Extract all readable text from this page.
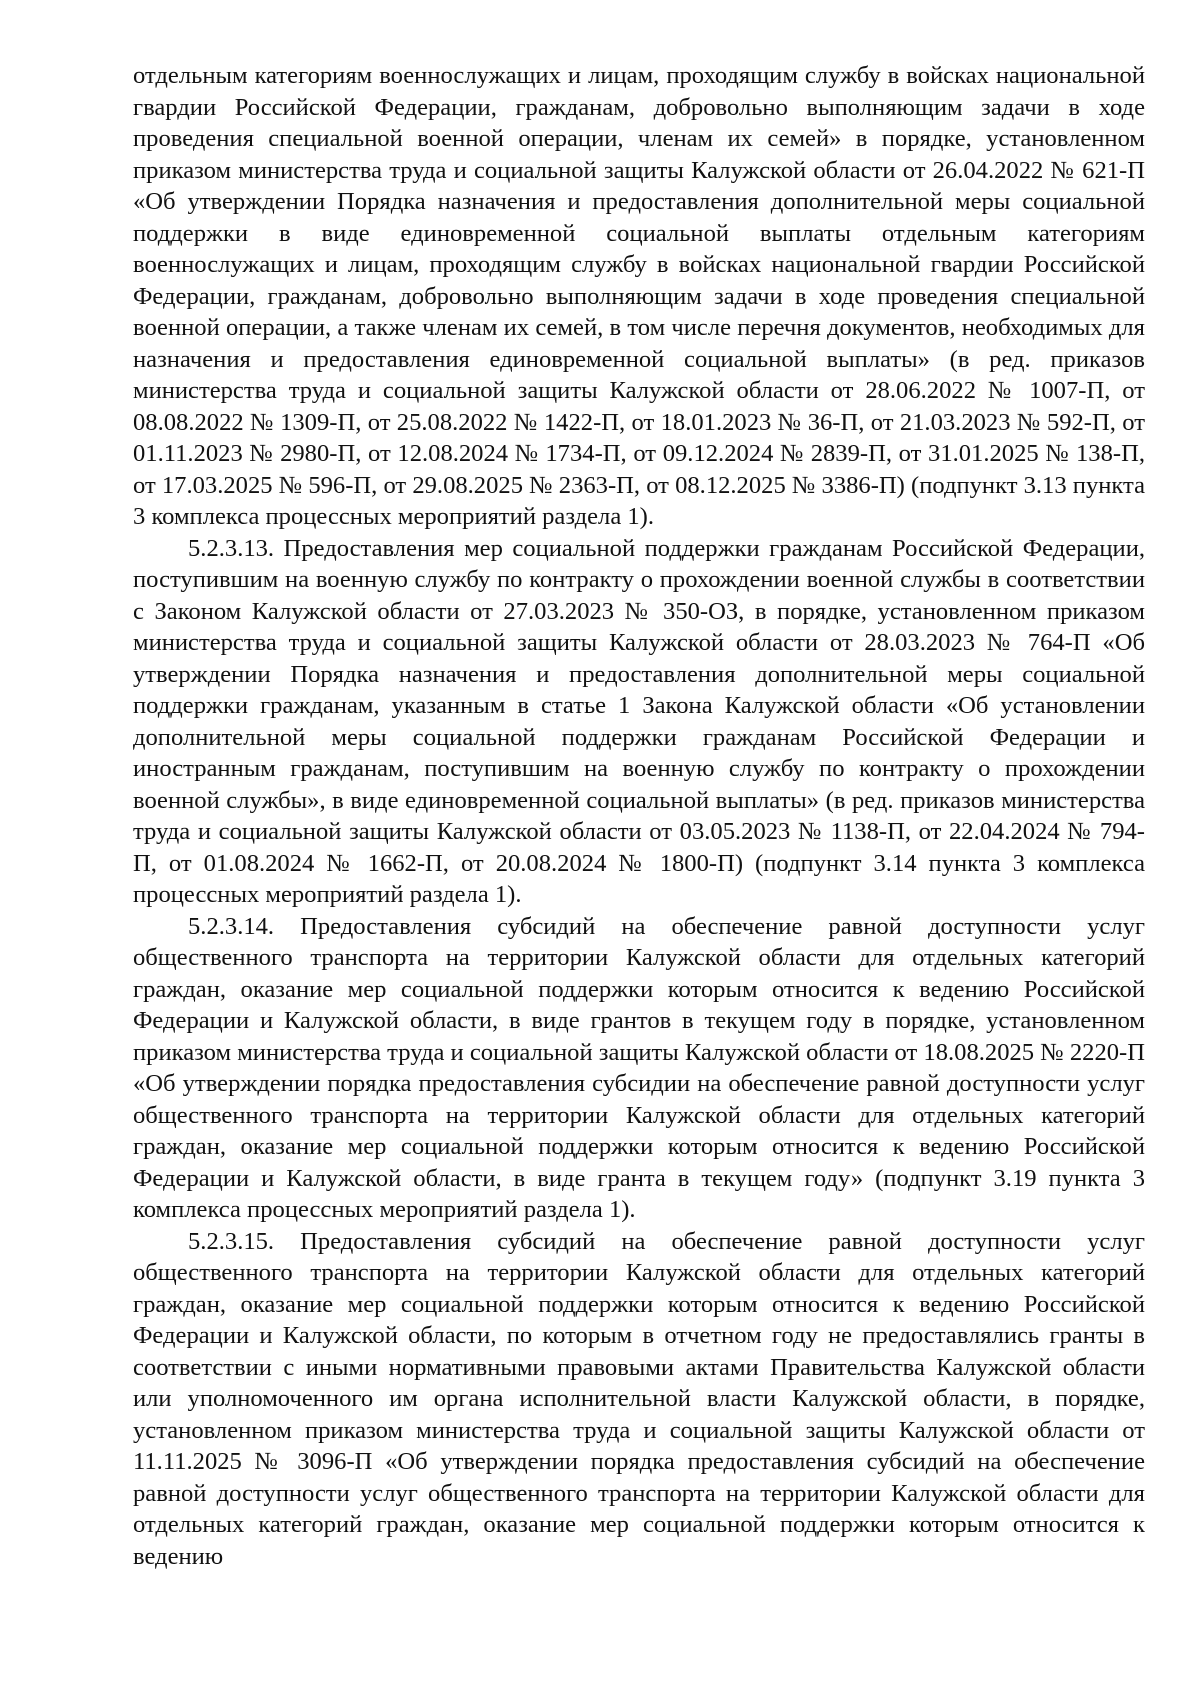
отдельным категориям военнослужащих и лицам, проходящим службу в войсках национальной гвардии Российской Федерации, гражданам, добровольно выполняющим задачи в ходе проведения специальной военной операции, членам их семей» в порядке, установленном приказом министерства труда и социальной защиты Калужской области от 26.04.2022 № 621-П «Об утверждении Порядка назначения и предоставления дополнительной меры социальной поддержки в виде единовременной социальной выплаты отдельным категориям военнослужащих и лицам, проходящим службу в войсках национальной гвардии Российской Федерации, гражданам, добровольно выполняющим задачи в ходе проведения специальной военной операции, а также членам их семей, в том числе перечня документов, необходимых для назначения и предоставления единовременной социальной выплаты» (в ред. приказов министерства труда и социальной защиты Калужской области от 28.06.2022 № 1007-П, от 08.08.2022 № 1309-П, от 25.08.2022 № 1422-П, от 18.01.2023 № 36-П, от 21.03.2023 № 592-П, от 01.11.2023 № 2980-П, от 12.08.2024 № 1734-П, от 09.12.2024 № 2839-П, от 31.01.2025 № 138-П, от 17.03.2025 № 596-П, от 29.08.2025 № 2363-П, от 08.12.2025 № 3386-П) (подпункт 3.13 пункта 3 комплекса процессных мероприятий раздела 1).

5.2.3.13. Предоставления мер социальной поддержки гражданам Российской Федерации, поступившим на военную службу по контракту о прохождении военной службы в соответствии с Законом Калужской области от 27.03.2023 № 350-ОЗ, в порядке, установленном приказом министерства труда и социальной защиты Калужской области от 28.03.2023 № 764-П «Об утверждении Порядка назначения и предоставления дополнительной меры социальной поддержки гражданам, указанным в статье 1 Закона Калужской области «Об установлении дополнительной меры социальной поддержки гражданам Российской Федерации и иностранным гражданам, поступившим на военную службу по контракту о прохождении военной службы», в виде единовременной социальной выплаты» (в ред. приказов министерства труда и социальной защиты Калужской области от 03.05.2023 № 1138-П, от 22.04.2024 № 794-П, от 01.08.2024 № 1662-П, от 20.08.2024 № 1800-П) (подпункт 3.14 пункта 3 комплекса процессных мероприятий раздела 1).

5.2.3.14. Предоставления субсидий на обеспечение равной доступности услуг общественного транспорта на территории Калужской области для отдельных категорий граждан, оказание мер социальной поддержки которым относится к ведению Российской Федерации и Калужской области, в виде грантов в текущем году в порядке, установленном приказом министерства труда и социальной защиты Калужской области от 18.08.2025 № 2220-П «Об утверждении порядка предоставления субсидии на обеспечение равной доступности услуг общественного транспорта на территории Калужской области для отдельных категорий граждан, оказание мер социальной поддержки которым относится к ведению Российской Федерации и Калужской области, в виде гранта в текущем году» (подпункт 3.19 пункта 3 комплекса процессных мероприятий раздела 1).

5.2.3.15. Предоставления субсидий на обеспечение равной доступности услуг общественного транспорта на территории Калужской области для отдельных категорий граждан, оказание мер социальной поддержки которым относится к ведению Российской Федерации и Калужской области, по которым в отчетном году не предоставлялись гранты в соответствии с иными нормативными правовыми актами Правительства Калужской области или уполномоченного им органа исполнительной власти Калужской области, в порядке, установленном приказом министерства труда и социальной защиты Калужской области от 11.11.2025 № 3096-П «Об утверждении порядка предоставления субсидий на обеспечение равной доступности услуг общественного транспорта на территории Калужской области для отдельных категорий граждан, оказание мер социальной поддержки которым относится к ведению
